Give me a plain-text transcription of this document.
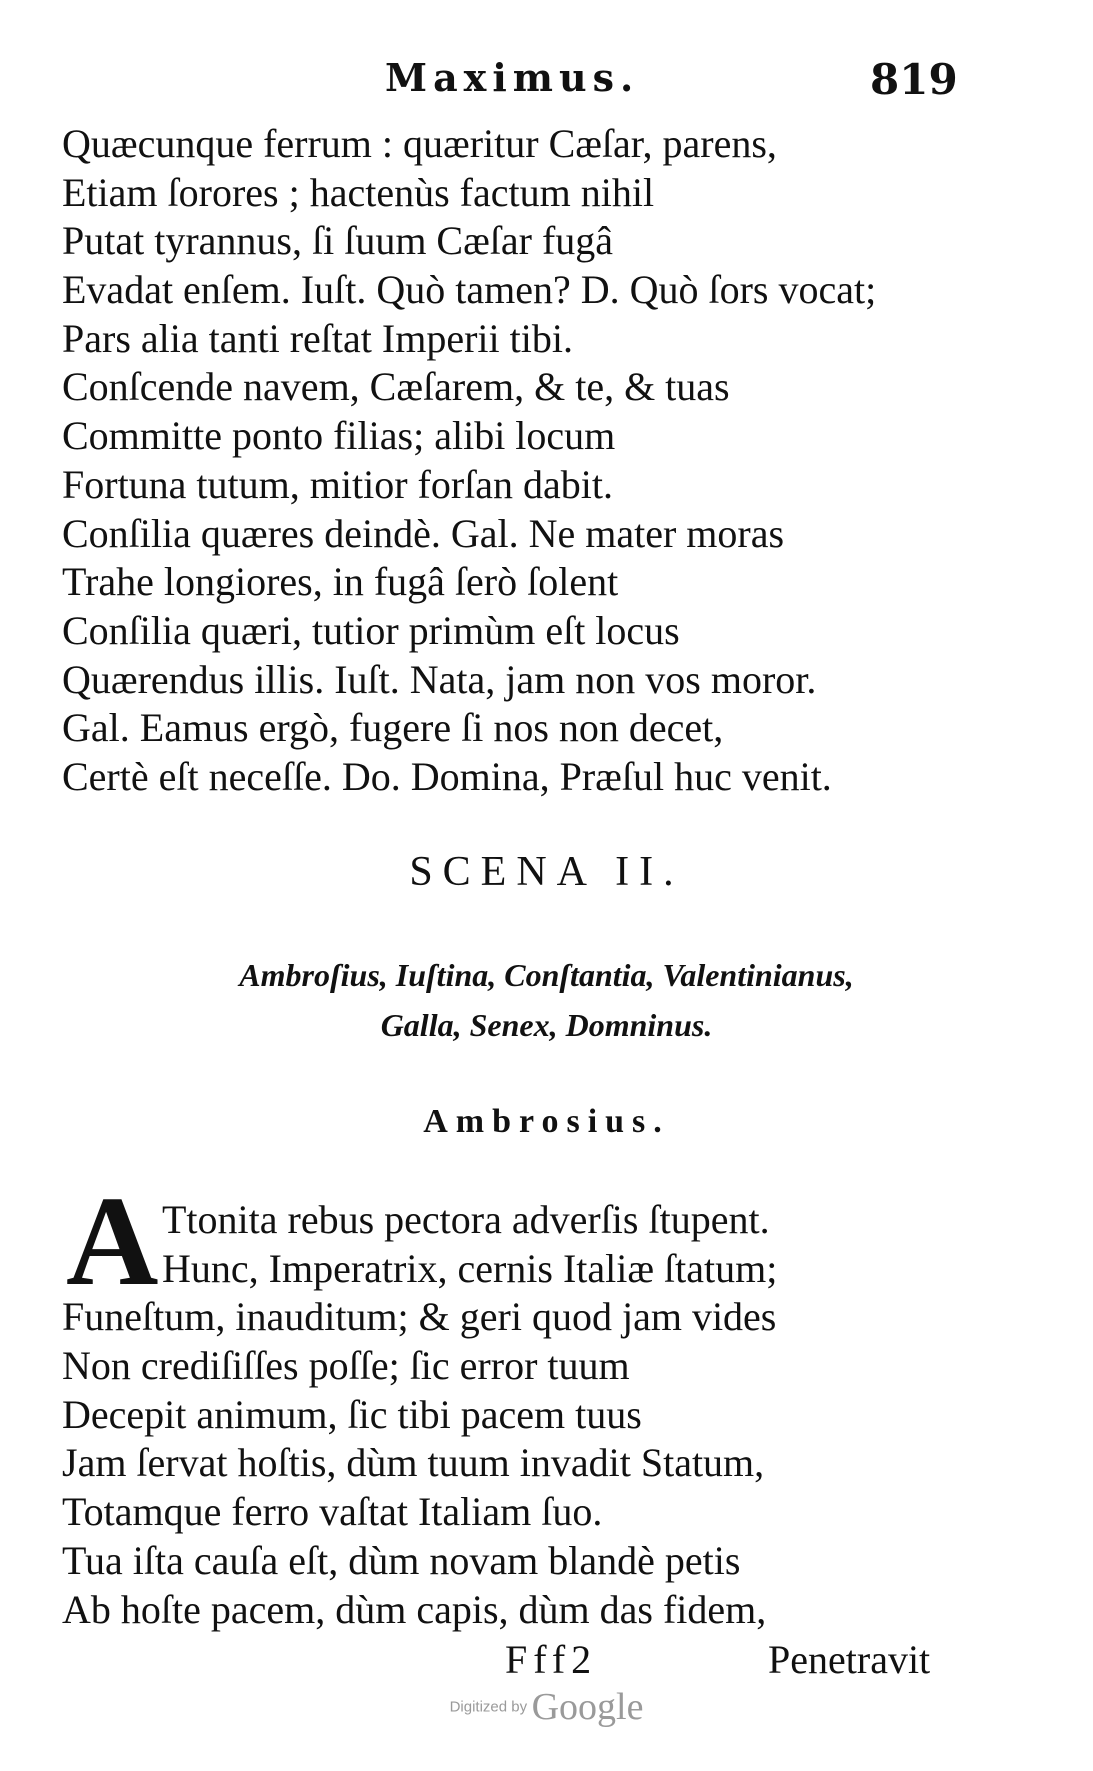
Maximus.	819
Quæcunque ferrum : quæritur Cæſar, parens,
Etiam ſorores ; hactenùs factum nihil
Putat tyrannus, ſi ſuum Cæſar fugâ
Evadat enſem. Iuſt. Quò tamen? D. Quò ſors vocat;
Pars alia tanti reſtat Imperii tibi.
Conſcende navem, Cæſarem, & te, & tuas
Committe ponto filias; alibi locum
Fortuna tutum, mitior forſan dabit.
Conſilia quæres deindè. Gal. Ne mater moras
Trahe longiores, in fugâ ſerò ſolent
Conſilia quæri, tutior primùm eſt locus
Quærendus illis. Iuſt. Nata, jam non vos moror.
Gal. Eamus ergò, fugere ſi nos non decet,
Certè eſt neceſſe. Do. Domina, Præſul huc venit.
SCENA II.
Ambroſius, Iuſtina, Conſtantia, Valentinianus,
Galla, Senex, Domninus.
Ambrosius.
A Ttonita rebus pectora adverſis ſtupent.
Hunc, Imperatrix, cernis Italiæ ſtatum;
Funeſtum, inauditum; & geri quod jam vides
Non crediſiſſes poſſe; ſic error tuum
Decepit animum, ſic tibi pacem tuus
Jam ſervat hoſtis, dùm tuum invadit Statum,
Totamque ferro vaſtat Italiam ſuo.
Tua iſta cauſa eſt, dùm novam blandè petis
Ab hoſte pacem, dùm capis, dùm das fidem,
Fff2	Penetravit
Digitized by Google
